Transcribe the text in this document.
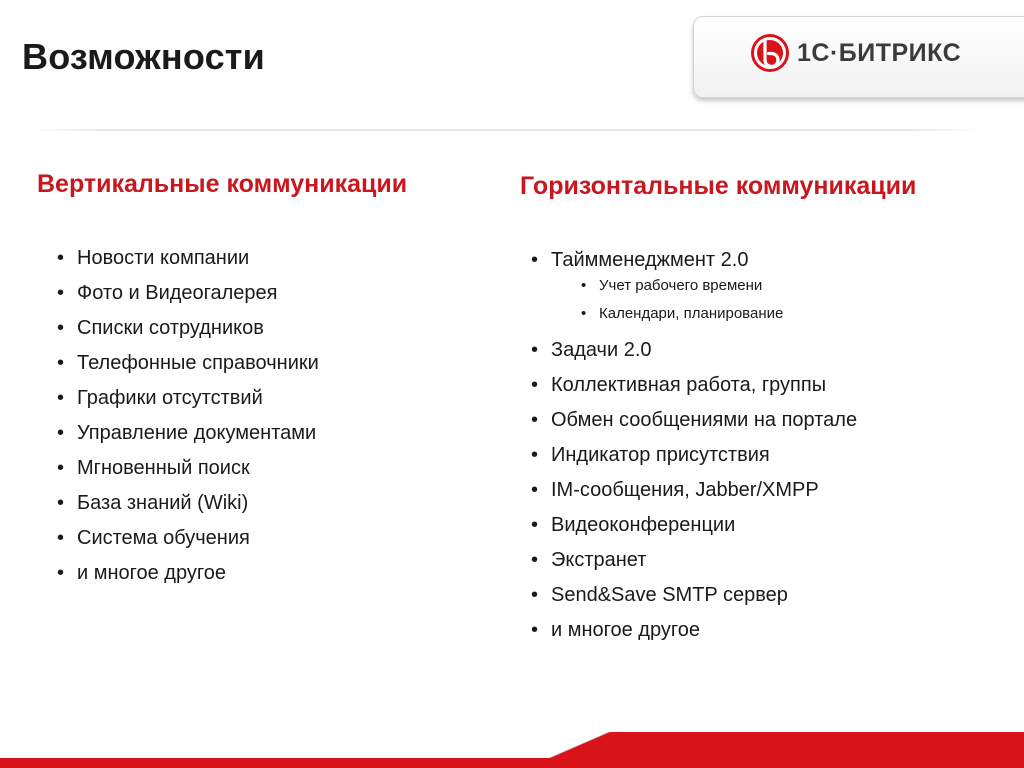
Возможности	1С·БИТРИКС
Вертикальные коммуникации	Горизонтальные коммуникации
• Новости компании
• Фото и Видеогалерея
• Списки сотрудников
• Телефонные справочники
• Графики отсутствий
• Управление документами
• Мгновенный поиск
• База знаний (Wiki)
• Система обучения
• и многое другое
• Таймменеджмент 2.0
• Учет рабочего времени
• Календари, планирование
• Задачи 2.0
• Коллективная работа, группы
• Обмен сообщениями на портале
• Индикатор присутствия
• IM-сообщения, Jabber/XMPP
• Видеоконференции
• Экстранет
• Send&Save SMTP сервер
• и многое другое
